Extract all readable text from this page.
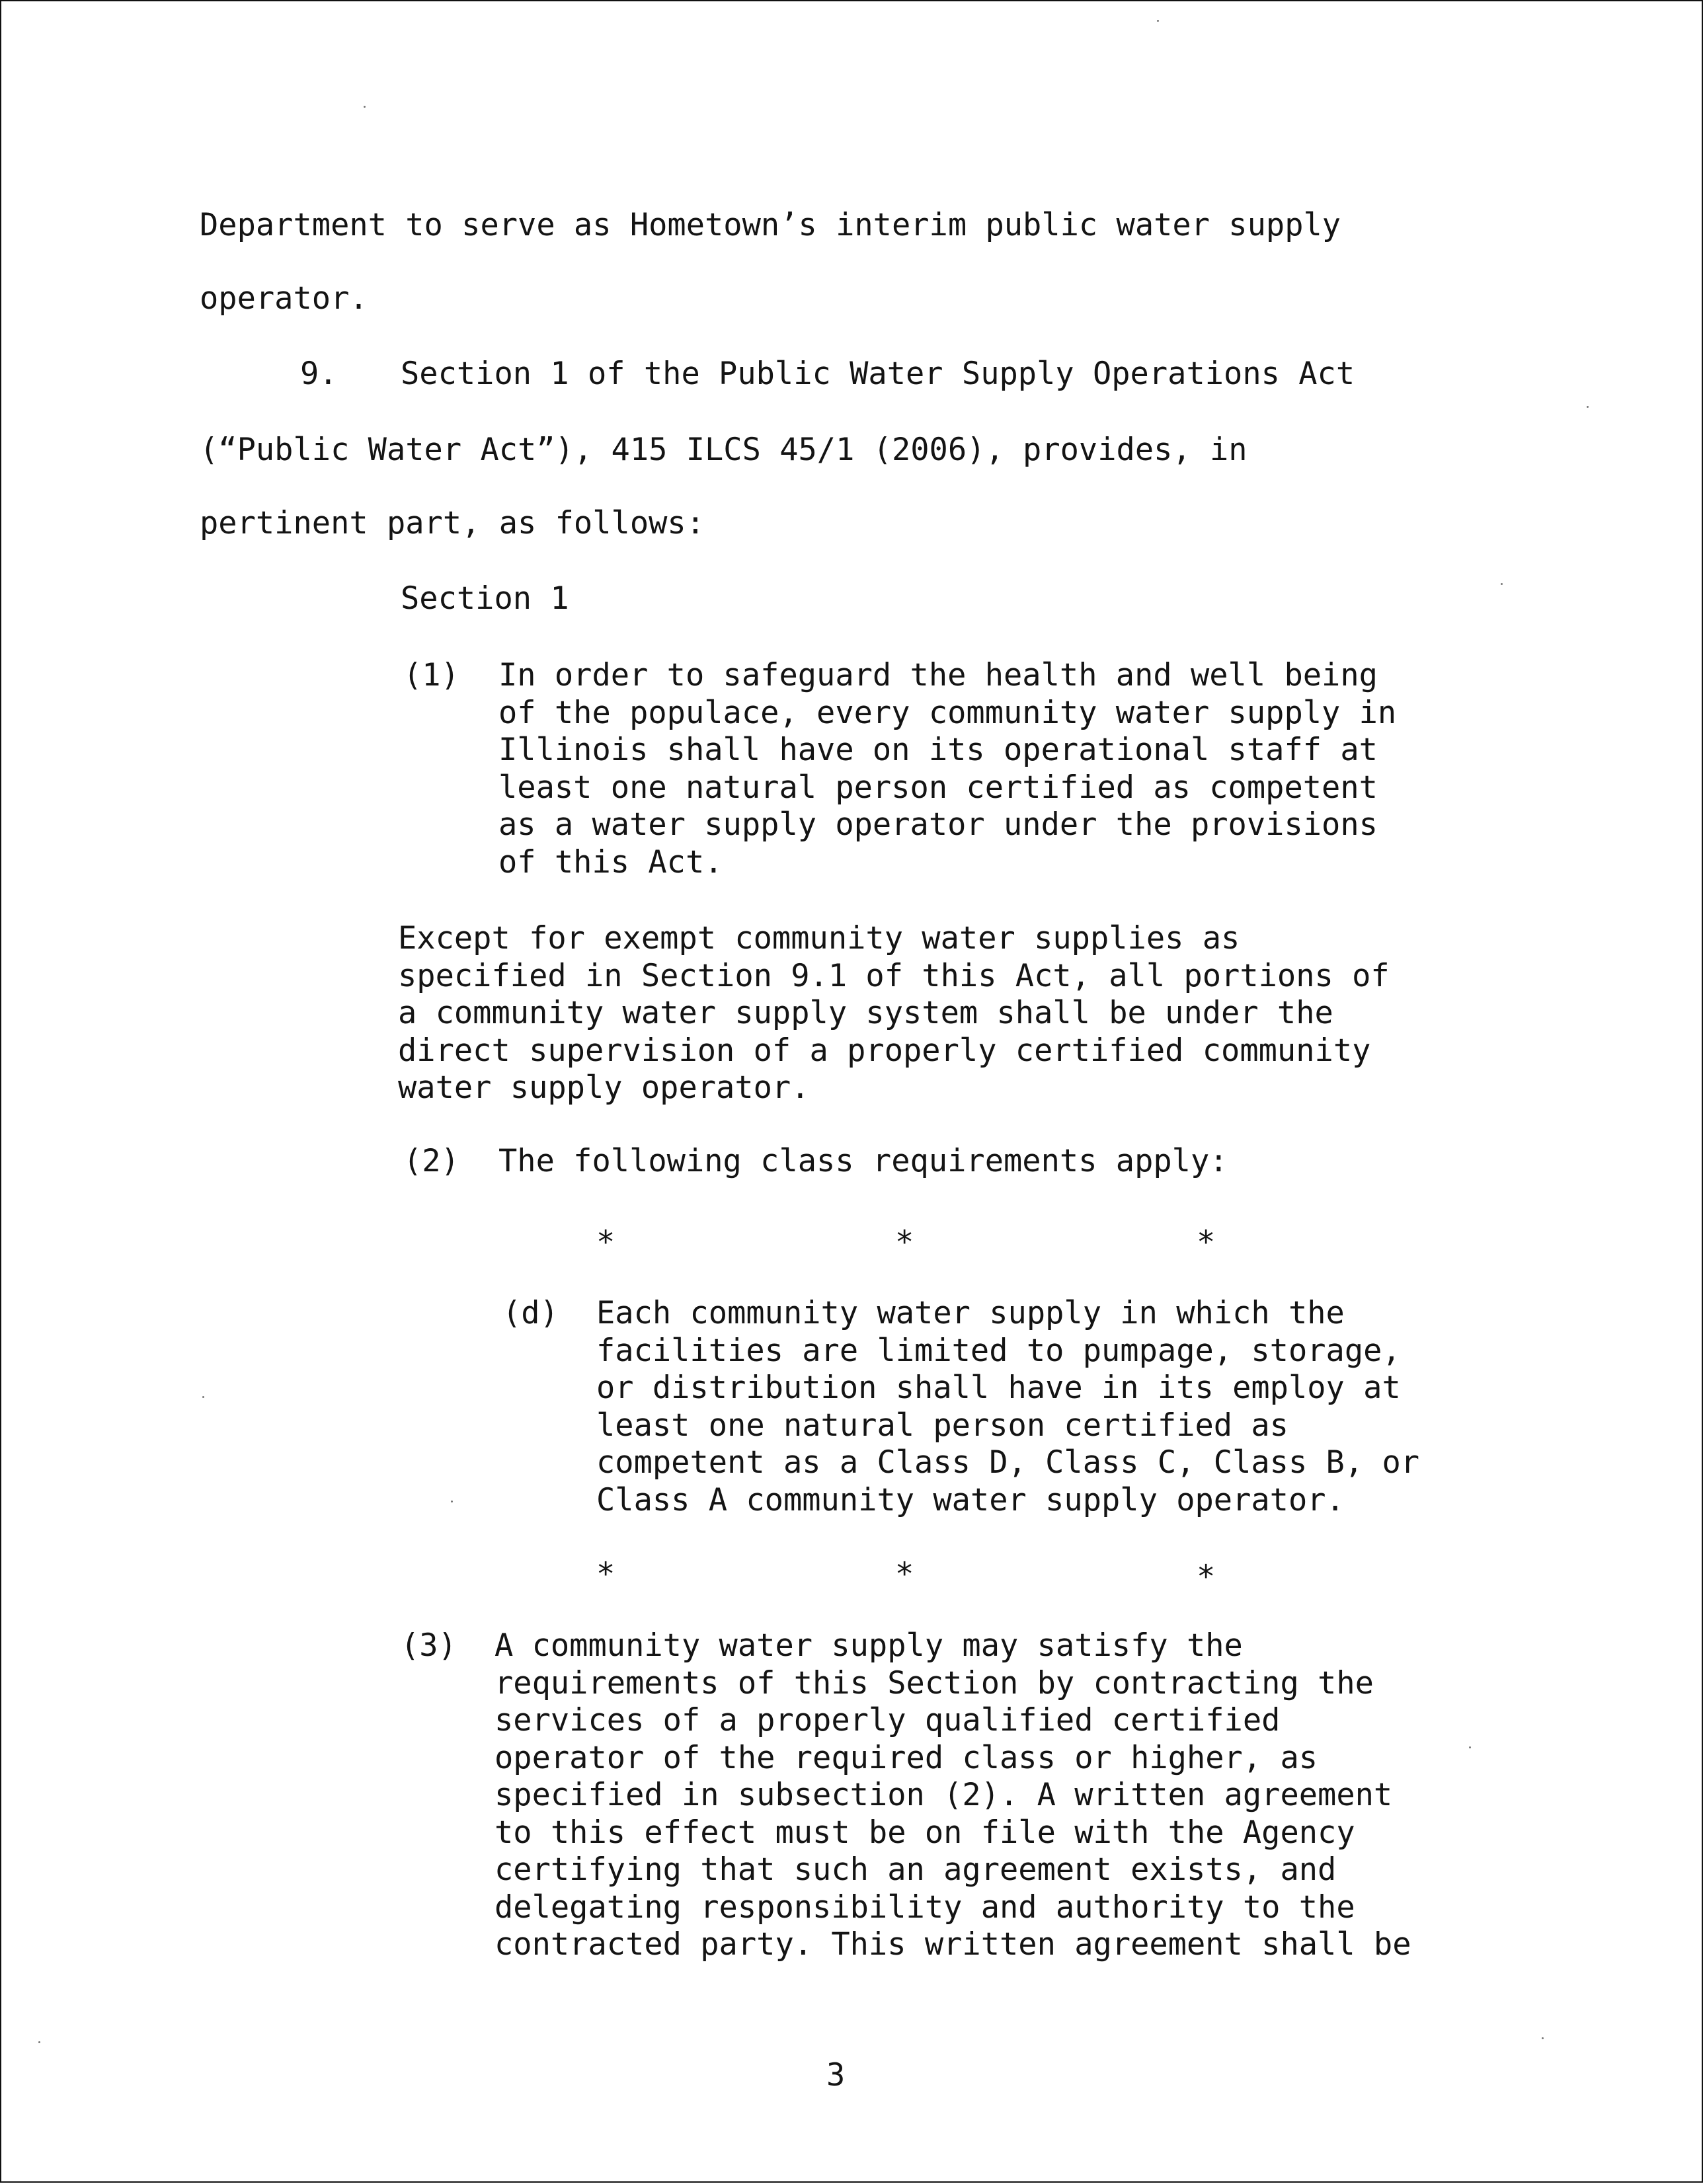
Department to serve as Hometown’s interim public water supply

operator.

9. Section 1 of the Public Water Supply Operations Act

(“Public Water Act”), 415 ILCS 45/1 (2006), provides, in

pertinent part, as follows:

Section 1

(1) In order to safeguard the health and well being
of the populace, every community water supply in
Illinois shall have on its operational staff at
least one natural person certified as competent
as a water supply operator under the provisions
of this Act.

Except for exempt community water supplies as
specified in Section 9.1 of this Act, all portions of
a community water supply system shall be under the
direct supervision of a properly certified community
water supply operator.

(2) The following class requirements apply:

*	*	*

(d) Each community water supply in which the
facilities are limited to pumpage, storage,
or distribution shall have in its employ at
least one natural person certified as
competent as a Class D, Class C, Class B, or
Class A community water supply operator.

*	*	*

(3) A community water supply may satisfy the
requirements of this Section by contracting the
services of a properly qualified certified
operator of the required class or higher, as
specified in subsection (2). A written agreement
to this effect must be on file with the Agency
certifying that such an agreement exists, and
delegating responsibility and authority to the
contracted party. This written agreement shall be

3
